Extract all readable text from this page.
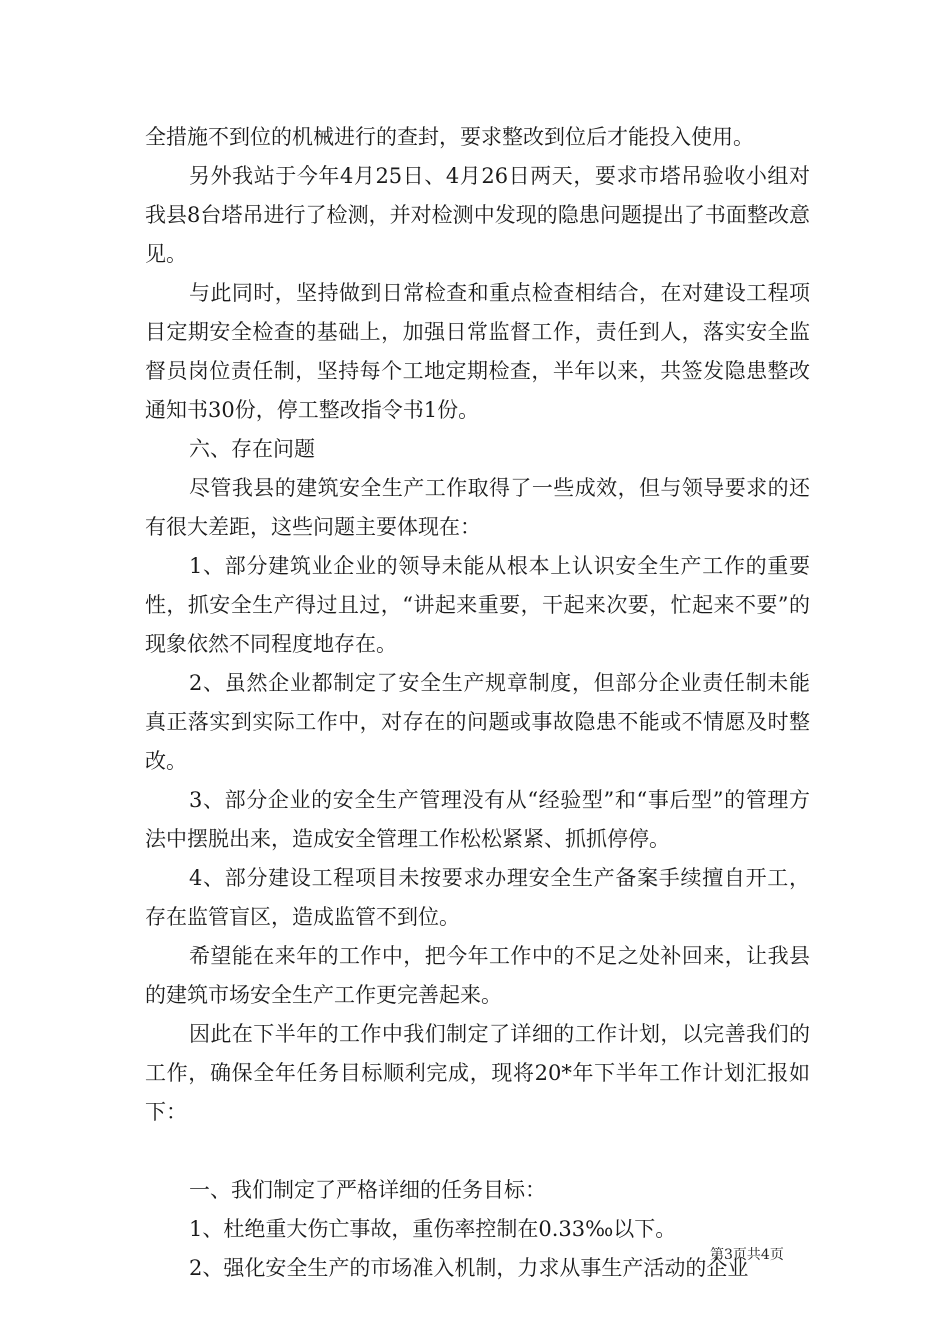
全措施不到位的机械进行的查封，要求整改到位后才能投入使用。

另外我站于今年4月25日、4月26日两天，要求市塔吊验收小组对我县8台塔吊进行了检测，并对检测中发现的隐患问题提出了书面整改意见。

与此同时，坚持做到日常检查和重点检查相结合，在对建设工程项目定期安全检查的基础上，加强日常监督工作，责任到人，落实安全监督员岗位责任制，坚持每个工地定期检查，半年以来，共签发隐患整改通知书30份，停工整改指令书1份。

六、存在问题

尽管我县的建筑安全生产工作取得了一些成效，但与领导要求的还有很大差距，这些问题主要体现在：

1、部分建筑业企业的领导未能从根本上认识安全生产工作的重要性，抓安全生产得过且过，“讲起来重要，干起来次要，忙起来不要”的现象依然不同程度地存在。

2、虽然企业都制定了安全生产规章制度，但部分企业责任制未能真正落实到实际工作中，对存在的问题或事故隐患不能或不情愿及时整改。

3、部分企业的安全生产管理没有从“经验型”和“事后型”的管理方法中摆脱出来，造成安全管理工作松松紧紧、抓抓停停。

4、部分建设工程项目未按要求办理安全生产备案手续擅自开工，存在监管盲区，造成监管不到位。

希望能在来年的工作中，把今年工作中的不足之处补回来，让我县的建筑市场安全生产工作更完善起来。

因此在下半年的工作中我们制定了详细的工作计划，以完善我们的工作，确保全年任务目标顺利完成，现将20*年下半年工作计划汇报如下：

一、我们制定了严格详细的任务目标：

1、杜绝重大伤亡事故，重伤率控制在0.33‰以下。

2、强化安全生产的市场准入机制，力求从事生产活动的企业

第3页共4页
